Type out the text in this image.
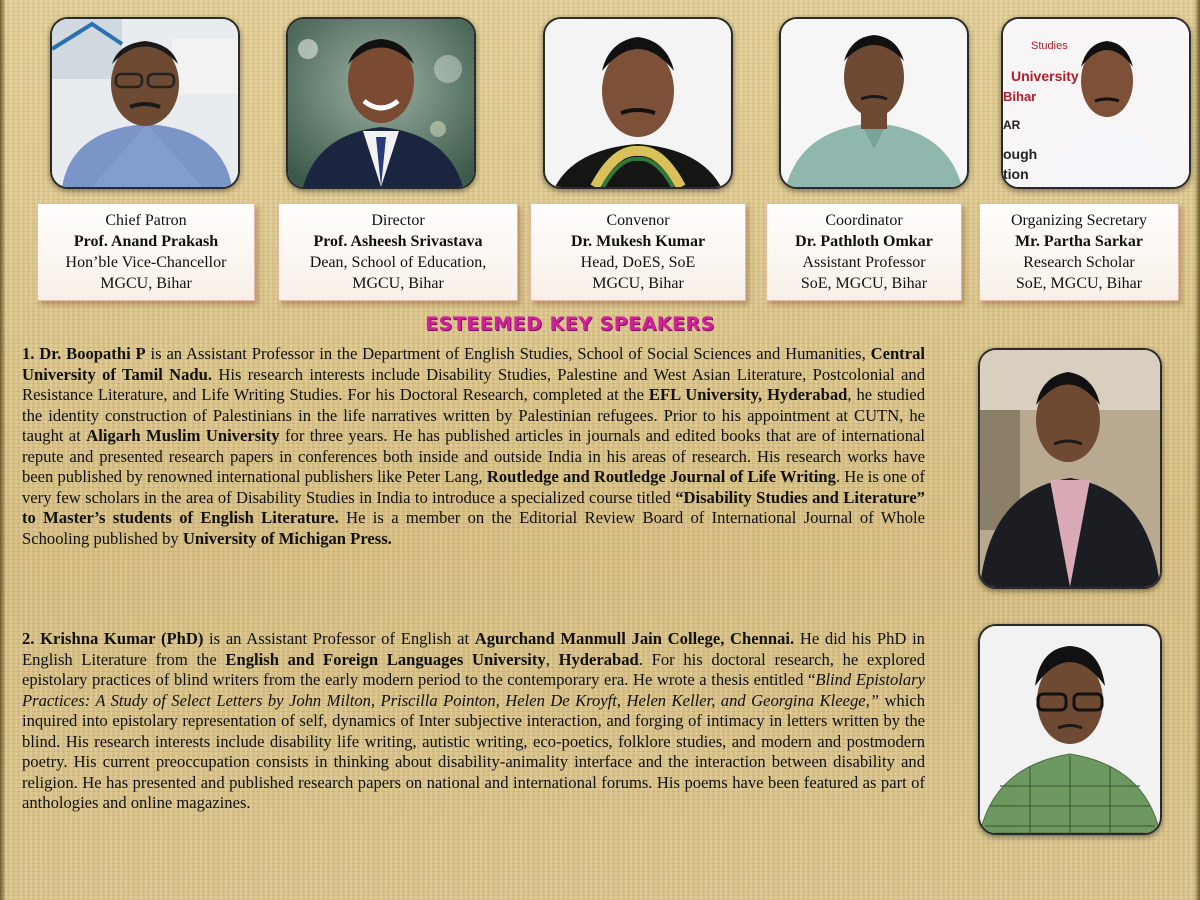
Studies
University
Bihar
AR
ough
tion
Chief Patron
Prof. Anand Prakash
Hon’ble Vice-Chancellor
MGCU, Bihar
Director
Prof. Asheesh Srivastava
Dean, School of Education,
MGCU, Bihar
Convenor
Dr. Mukesh Kumar
Head, DoES, SoE
MGCU, Bihar
Coordinator
Dr. Pathloth Omkar
Assistant Professor
SoE, MGCU, Bihar
Organizing Secretary
Mr. Partha Sarkar
Research Scholar
SoE, MGCU, Bihar
ESTEEMED KEY SPEAKERS
1. Dr. Boopathi P is an Assistant Professor in the Department of English Studies, School of Social Sciences and Humanities, Central University of Tamil Nadu. His research interests include Disability Studies, Palestine and West Asian Literature, Postcolonial and Resistance Literature, and Life Writing Studies. For his Doctoral Research, completed at the EFL University, Hyderabad, he studied the identity construction of Palestinians in the life narratives written by Palestinian refugees. Prior to his appointment at CUTN, he taught at Aligarh Muslim University for three years. He has published articles in journals and edited books that are of international repute and presented research papers in conferences both inside and outside India in his areas of research. His research works have been published by renowned international publishers like Peter Lang, Routledge and Routledge Journal of Life Writing. He is one of very few scholars in the area of Disability Studies in India to introduce a specialized course titled “Disability Studies and Literature” to Master’s students of English Literature. He is a member on the Editorial Review Board of International Journal of Whole Schooling published by University of Michigan Press.
2. Krishna Kumar (PhD) is an Assistant Professor of English at Agurchand Manmull Jain College, Chennai. He did his PhD in English Literature from the English and Foreign Languages University, Hyderabad. For his doctoral research, he explored epistolary practices of blind writers from the early modern period to the contemporary era. He wrote a thesis entitled “Blind Epistolary Practices: A Study of Select Letters by John Milton, Priscilla Pointon, Helen De Kroyft, Helen Keller, and Georgina Kleege,” which inquired into epistolary representation of self, dynamics of Inter subjective interaction, and forging of intimacy in letters written by the blind. His research interests include disability life writing, autistic writing, eco-poetics, folklore studies, and modern and postmodern poetry. His current preoccupation consists in thinking about disability-animality interface and the interaction between disability and religion. He has presented and published research papers on national and international forums. His poems have been featured as part of anthologies and online magazines.
